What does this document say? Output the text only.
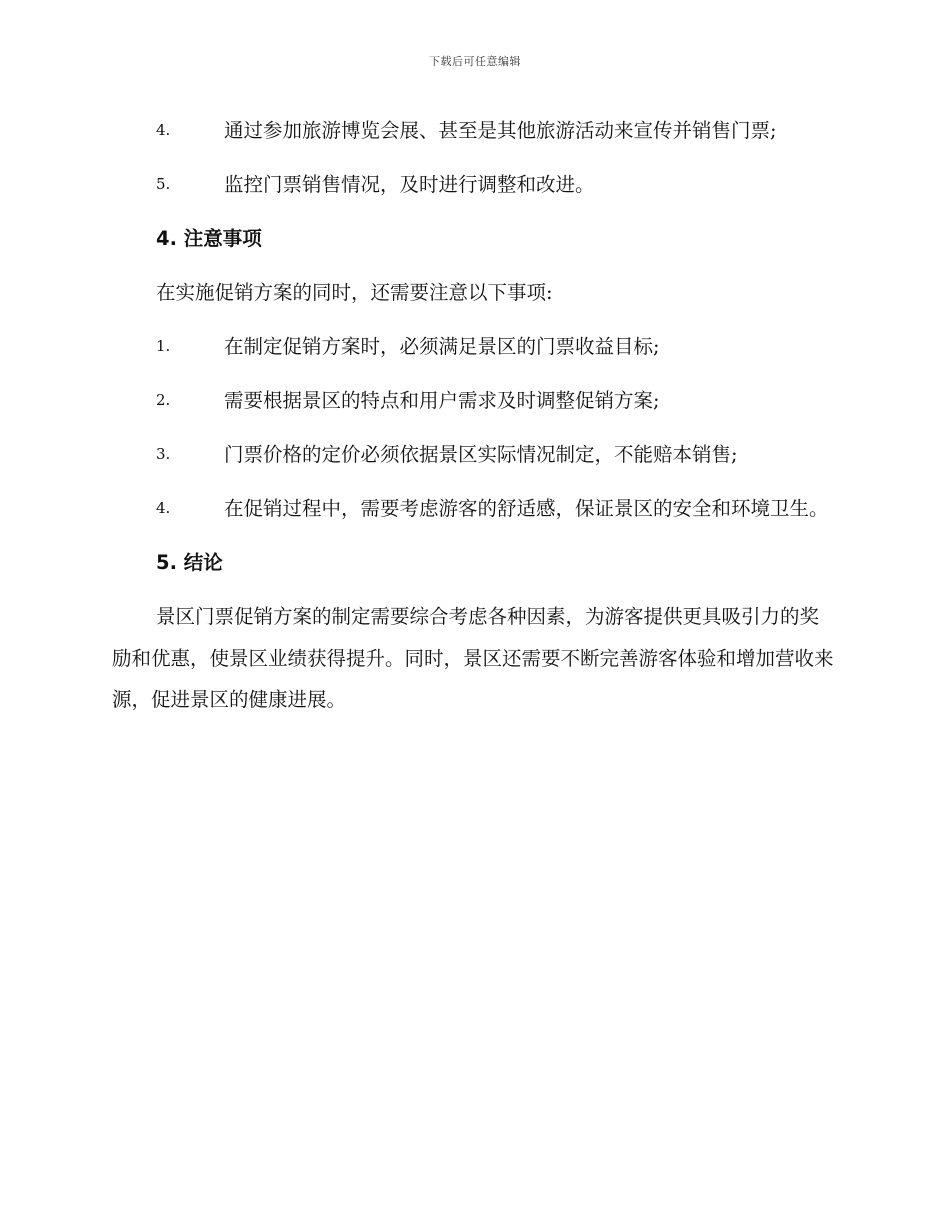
下载后可任意编辑
4.	通过参加旅游博览会展、甚至是其他旅游活动来宣传并销售门票;
5.	监控门票销售情况，及时进行调整和改进。
4. 注意事项
在实施促销方案的同时，还需要注意以下事项:
1.	在制定促销方案时，必须满足景区的门票收益目标;
2.	需要根据景区的特点和用户需求及时调整促销方案;
3.	门票价格的定价必须依据景区实际情况制定，不能赔本销售;
4.	在促销过程中，需要考虑游客的舒适感，保证景区的安全和环境卫生。
5. 结论
景区门票促销方案的制定需要综合考虑各种因素，为游客提供更具吸引力的奖励和优惠，使景区业绩获得提升。同时，景区还需要不断完善游客体验和增加营收来源，促进景区的健康进展。
